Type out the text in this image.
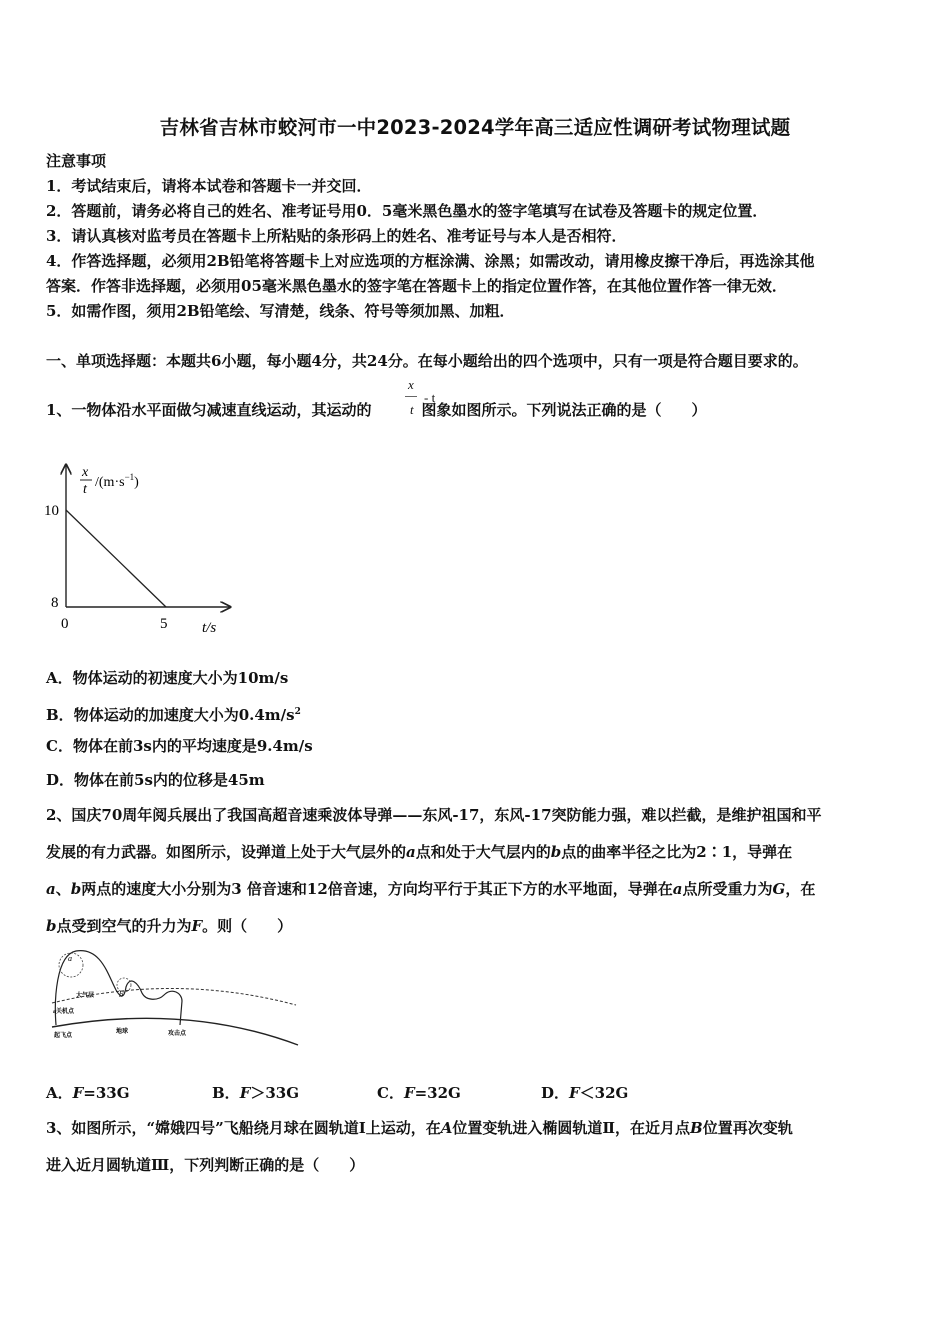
吉林省吉林市蛟河市一中2023-2024学年高三适应性调研考试物理试题
注意事项
1．考试结束后，请将本试卷和答题卡一并交回．
2．答题前，请务必将自己的姓名、准考证号用0．5毫米黑色墨水的签字笔填写在试卷及答题卡的规定位置．
3．请认真核对监考员在答题卡上所粘贴的条形码上的姓名、准考证号与本人是否相符．
4．作答选择题，必须用2B铅笔将答题卡上对应选项的方框涂满、涂黑；如需改动，请用橡皮擦干净后，再选涂其他
答案．作答非选择题，必须用05毫米黑色墨水的签字笔在答题卡上的指定位置作答，在其他位置作答一律无效．
5．如需作图，须用2B铅笔绘、写清楚，线条、符号等须加黑、加粗．
一、单项选择题：本题共6小题，每小题4分，共24分。在每小题给出的四个选项中，只有一项是符合题目要求的。
1、一物体沿水平面做匀减速直线运动，其运动的	图象如图所示。下列说法正确的是（　　）
x
t
- t
x
t $/(m\cdot s^{-1})$
10
8
0	5 t/s
A．物体运动的初速度大小为10m/s
B．物体运动的加速度大小为$0.4m/s^2$
C．物体在前3s内的平均速度是9.4m/s
D．物体在前5s内的位移是45m
2、国庆70周年阅兵展出了我国高超音速乘波体导弹——东风-17，东风-17突防能力强，难以拦截，是维护祖国和平
发展的有力武器。如图所示，设弹道上处于大气层外的a点和处于大气层内的b点的曲率半径之比为2∶1，导弹在
a、b两点的速度大小分别为3 倍音速和12倍音速，方向均平行于其正下方的水平地面，导弹在a点所受重力为G，在
b点受到空气的升力为F。则（　　）
a
b
大气层
a关机点
起飞点
地球	攻击点
A．F=33G	B．F＞33G	C．F=32G	D．F＜32G
3、如图所示，“嫦娥四号”飞船绕月球在圆轨道Ⅰ上运动，在A位置变轨进入椭圆轨道Ⅱ，在近月点B位置再次变轨
进入近月圆轨道Ⅲ，下列判断正确的是（　　）
